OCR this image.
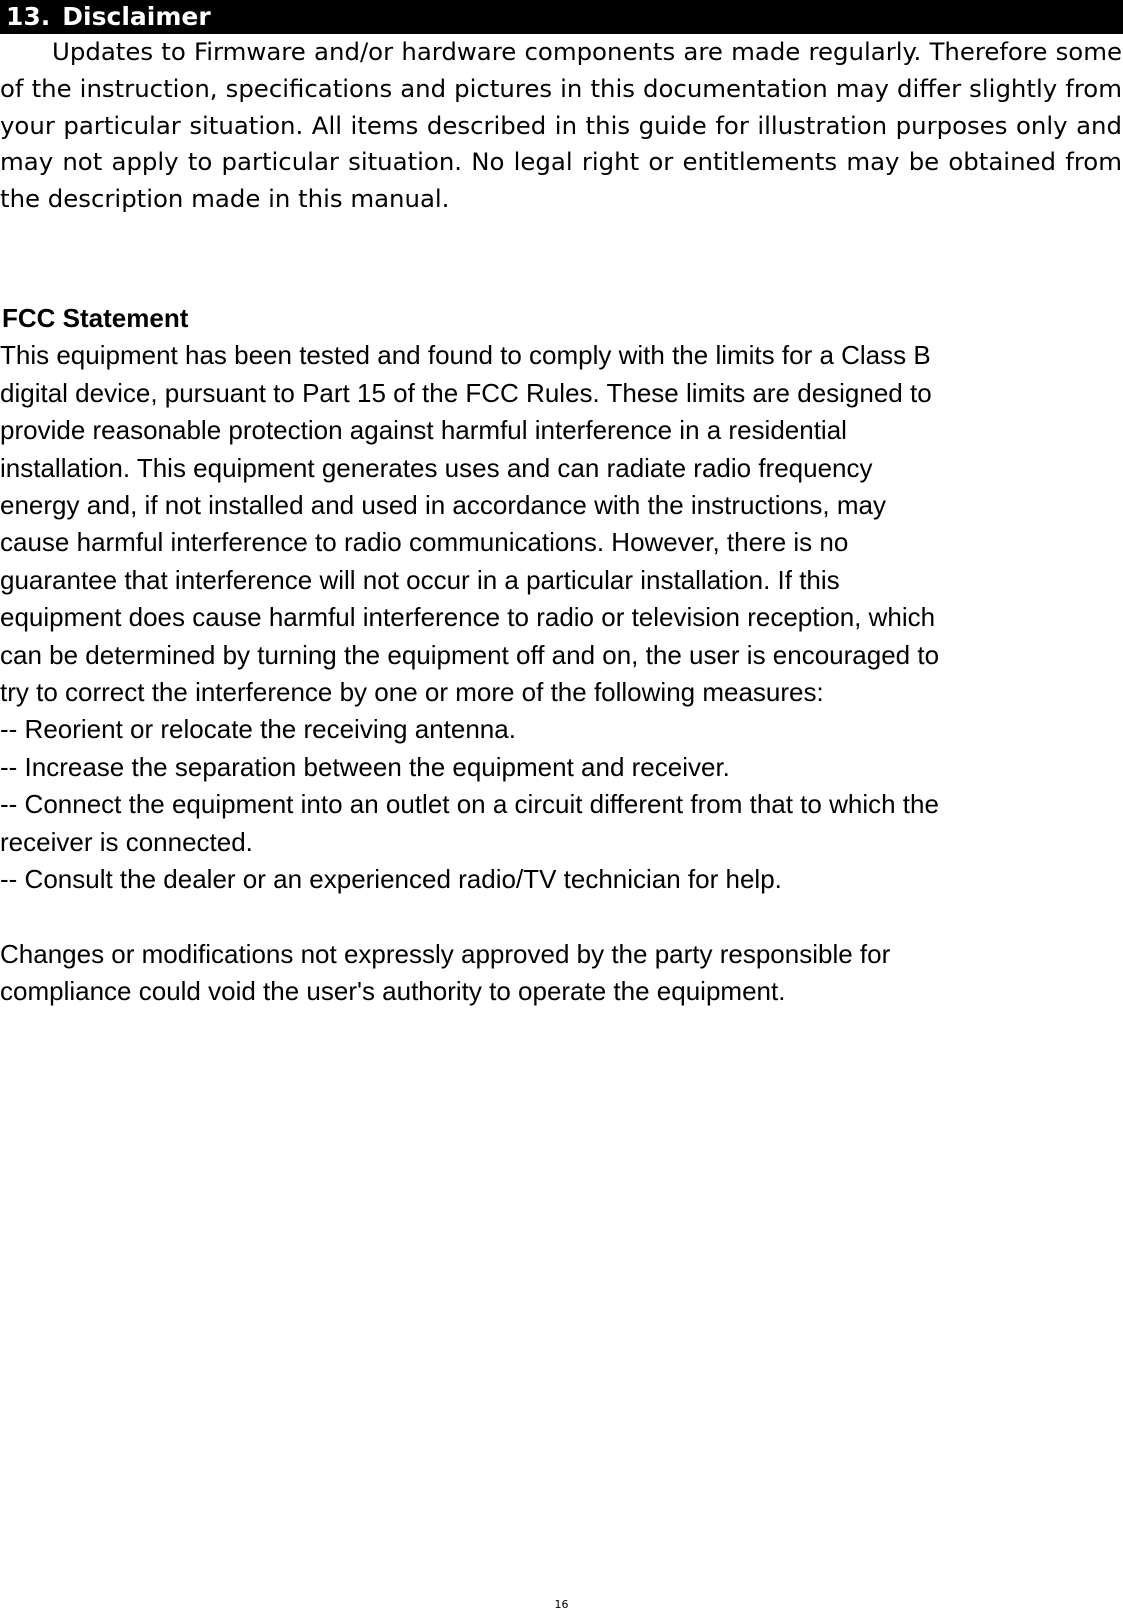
13. Disclaimer

Updates to Firmware and/or hardware components are made regularly. Therefore some of the instruction, specifications and pictures in this documentation may differ slightly from your particular situation. All items described in this guide for illustration purposes only and may not apply to particular situation. No legal right or entitlements may be obtained from the description made in this manual.

FCC Statement

This equipment has been tested and found to comply with the limits for a Class B

digital device, pursuant to Part 15 of the FCC Rules. These limits are designed to

provide reasonable protection against harmful interference in a residential

installation. This equipment generates uses and can radiate radio frequency

energy and, if not installed and used in accordance with the instructions, may

cause harmful interference to radio communications. However, there is no

guarantee that interference will not occur in a particular installation. If this

equipment does cause harmful interference to radio or television reception, which

can be determined by turning the equipment off and on, the user is encouraged to

try to correct the interference by one or more of the following measures:

-- Reorient or relocate the receiving antenna.

-- Increase the separation between the equipment and receiver.

-- Connect the equipment into an outlet on a circuit different from that to which the

receiver is connected.

-- Consult the dealer or an experienced radio/TV technician for help.

Changes or modifications not expressly approved by the party responsible for

compliance could void the user's authority to operate the equipment.

16
